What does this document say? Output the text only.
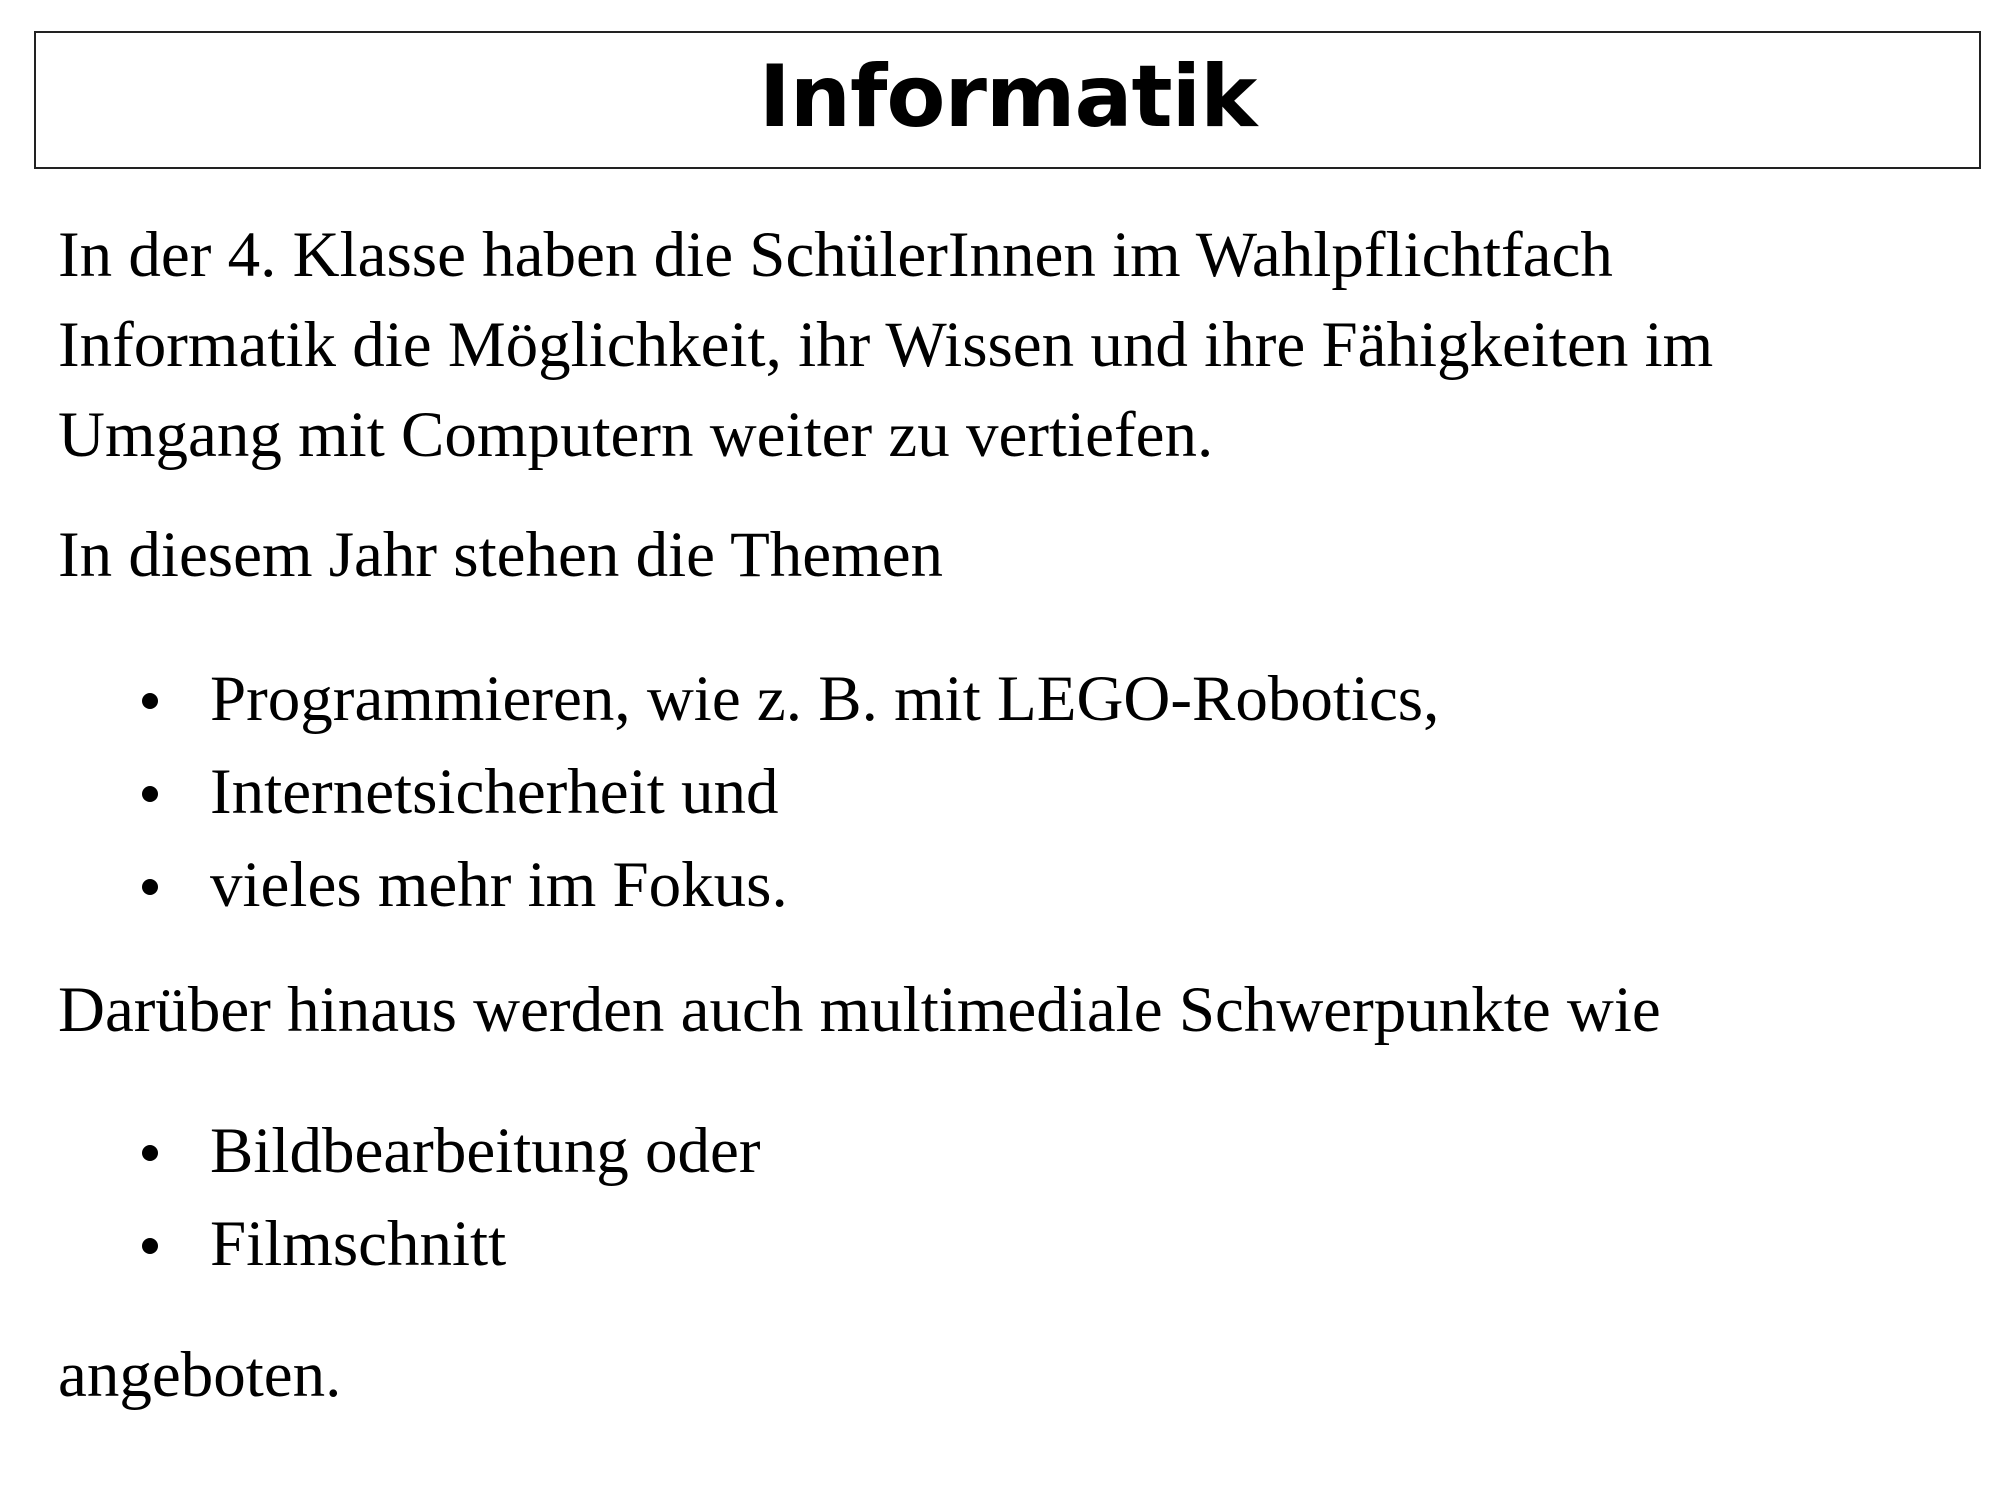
Informatik
In der 4. Klasse haben die SchülerInnen im Wahlpflichtfach
Informatik die Möglichkeit, ihr Wissen und ihre Fähigkeiten im
Umgang mit Computern weiter zu vertiefen.

In diesem Jahr stehen die Themen

Programmieren, wie z. B. mit LEGO-Robotics,
Internetsicherheit und
vieles mehr im Fokus.

Darüber hinaus werden auch multimediale Schwerpunkte wie

Bildbearbeitung oder
Filmschnitt

angeboten.
